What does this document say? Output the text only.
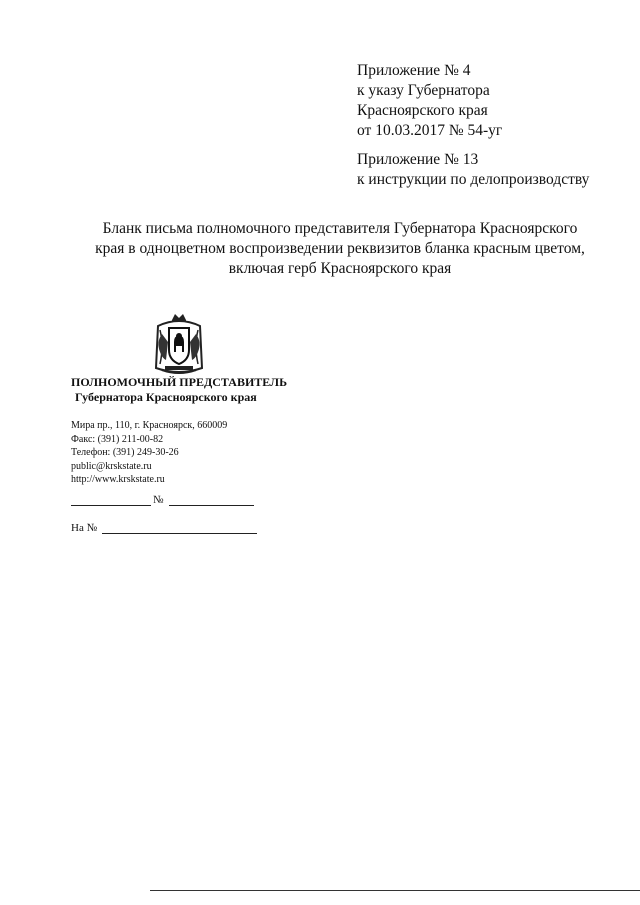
Приложение № 4
к указу Губернатора
Красноярского края
от 10.03.2017 № 54-уг
Приложение № 13
к инструкции по делопроизводству
Бланк письма полномочного представителя Губернатора Красноярского
края в одноцветном воспроизведении реквизитов бланка красным цветом,
включая герб Красноярского края
ПОЛНОМОЧНЫЙ ПРЕДСТАВИТЕЛЬ
Губернатора Красноярского края
Мира пр., 110, г. Красноярск, 660009
Факс: (391) 211-00-82
Телефон: (391) 249-30-26
public@krskstate.ru
http://www.krskstate.ru
№
На №
